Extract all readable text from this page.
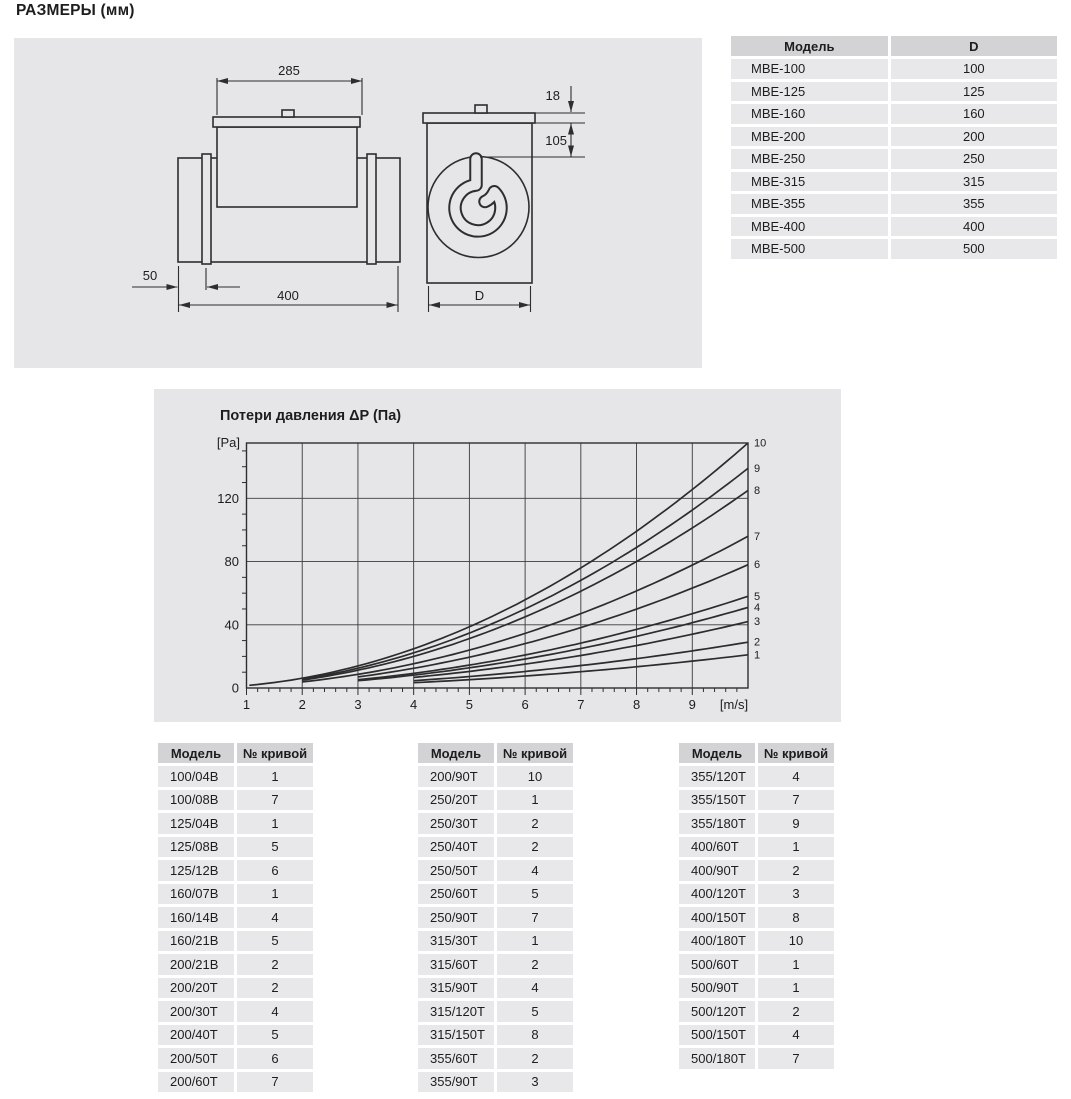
РАЗМЕРЫ (мм)
285
50
400
18
105
D
Модель	D
МВЕ-100	100
МВЕ-125	125
МВЕ-160	160
МВЕ-200	200
МВЕ-250	250
МВЕ-315	315
МВЕ-355	355
МВЕ-400	400
МВЕ-500	500
Потери давления ΔP (Па)
[Pa]
[m/s]
1	2	3	4	5	6	7	8	9
0
40
80
120
1
2
3
4
5
6
7
8
9
10
Модель	№ кривой
100/04В	1
100/08В	7
125/04В	1
125/08В	5
125/12В	6
160/07В	1
160/14В	4
160/21В	5
200/21В	2
200/20Т	2
200/30Т	4
200/40Т	5
200/50Т	6
200/60Т	7
Модель	№ кривой
200/90Т	10
250/20Т	1
250/30Т	2
250/40Т	2
250/50Т	4
250/60Т	5
250/90Т	7
315/30Т	1
315/60Т	2
315/90Т	4
315/120Т	5
315/150Т	8
355/60Т	2
355/90Т	3
Модель	№ кривой
355/120Т	4
355/150Т	7
355/180Т	9
400/60Т	1
400/90Т	2
400/120Т	3
400/150Т	8
400/180Т	10
500/60Т	1
500/90Т	1
500/120Т	2
500/150Т	4
500/180Т	7
